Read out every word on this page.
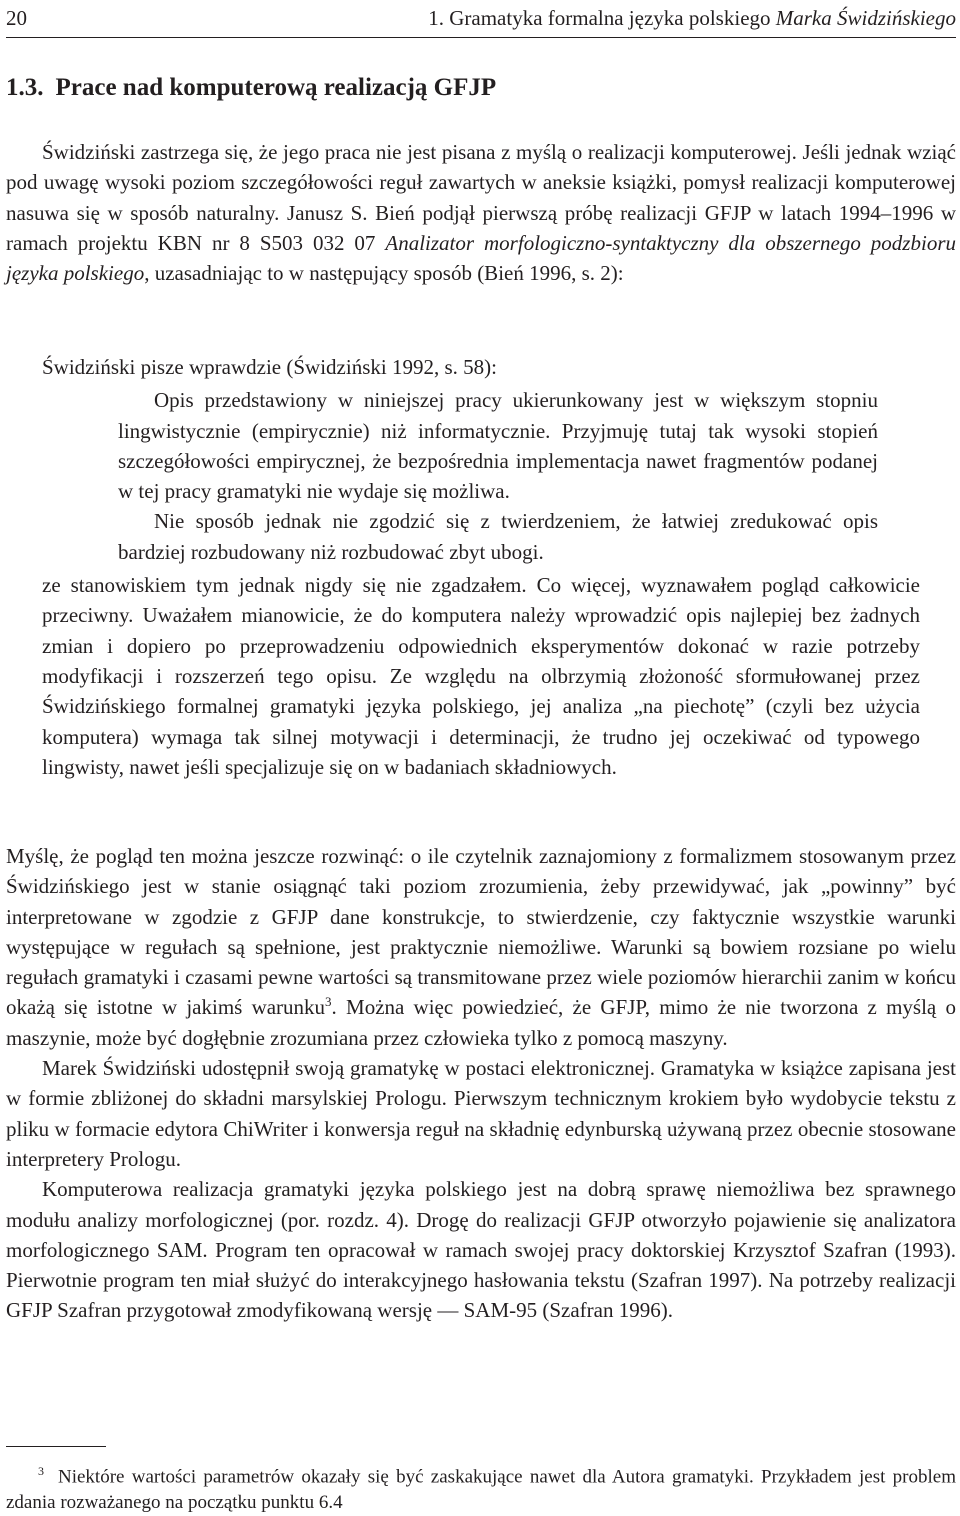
20	1. Gramatyka formalna języka polskiego Marka Świdzińskiego
1.3. Prace nad komputerową realizacją GFJP

Świdziński zastrzega się, że jego praca nie jest pisana z myślą o realizacji komputerowej. Jeśli jednak wziąć pod uwagę wysoki poziom szczegółowości reguł zawartych w aneksie książki, pomysł realizacji komputerowej nasuwa się w sposób naturalny. Janusz S. Bień podjął pierwszą próbę realizacji GFJP w latach 1994–1996 w ramach projektu KBN nr 8 S503 032 07 Analizator morfologiczno-syntaktyczny dla obszernego podzbioru języka polskiego, uzasadniając to w następujący sposób (Bień 1996, s. 2):

Świdziński pisze wprawdzie (Świdziński 1992, s. 58):

Opis przedstawiony w niniejszej pracy ukierunkowany jest w większym stopniu lingwistycznie (empirycznie) niż informatycznie. Przyjmuję tutaj tak wysoki stopień szczegółowości empirycznej, że bezpośrednia implementacja nawet fragmentów podanej w tej pracy gramatyki nie wydaje się możliwa.

Nie sposób jednak nie zgodzić się z twierdzeniem, że łatwiej zredukować opis bardziej rozbudowany niż rozbudować zbyt ubogi.

ze stanowiskiem tym jednak nigdy się nie zgadzałem. Co więcej, wyznawałem pogląd całkowicie przeciwny. Uważałem mianowicie, że do komputera należy wprowadzić opis najlepiej bez żadnych zmian i dopiero po przeprowadzeniu odpowiednich eksperymentów dokonać w razie potrzeby modyfikacji i rozszerzeń tego opisu. Ze względu na olbrzymią złożoność sformułowanej przez Świdzińskiego formalnej gramatyki języka polskiego, jej analiza „na piechotę” (czyli bez użycia komputera) wymaga tak silnej motywacji i determinacji, że trudno jej oczekiwać od typowego lingwisty, nawet jeśli specjalizuje się on w badaniach składniowych.

Myślę, że pogląd ten można jeszcze rozwinąć: o ile czytelnik zaznajomiony z formalizmem stosowanym przez Świdzińskiego jest w stanie osiągnąć taki poziom zrozumienia, żeby przewidywać, jak „powinny” być interpretowane w zgodzie z GFJP dane konstrukcje, to stwierdzenie, czy faktycznie wszystkie warunki występujące w regułach są spełnione, jest praktycznie niemożliwe. Warunki są bowiem rozsiane po wielu regułach gramatyki i czasami pewne wartości są transmitowane przez wiele poziomów hierarchii zanim w końcu okażą się istotne w jakimś warunku$^3$. Można więc powiedzieć, że GFJP, mimo że nie tworzona z myślą o maszynie, może być dogłębnie zrozumiana przez człowieka tylko z pomocą maszyny.

Marek Świdziński udostępnił swoją gramatykę w postaci elektronicznej. Gramatyka w książce zapisana jest w formie zbliżonej do składni marsylskiej Prologu. Pierwszym technicznym krokiem było wydobycie tekstu z pliku w formacie edytora ChiWriter i konwersja reguł na składnię edynburską używaną przez obecnie stosowane interpretery Prologu.

Komputerowa realizacja gramatyki języka polskiego jest na dobrą sprawę niemożliwa bez sprawnego modułu analizy morfologicznej (por. rozdz. 4). Drogę do realizacji GFJP otworzyło pojawienie się analizatora morfologicznego SAM. Program ten opracował w ramach swojej pracy doktorskiej Krzysztof Szafran (1993). Pierwotnie program ten miał służyć do interakcyjnego hasłowania tekstu (Szafran 1997). Na potrzeby realizacji GFJP Szafran przygotował zmodyfikowaną wersję — SAM-95 (Szafran 1996).

$^3$ Niektóre wartości parametrów okazały się być zaskakujące nawet dla Autora gramatyki. Przykładem jest problem zdania rozważanego na początku punktu 6.4
